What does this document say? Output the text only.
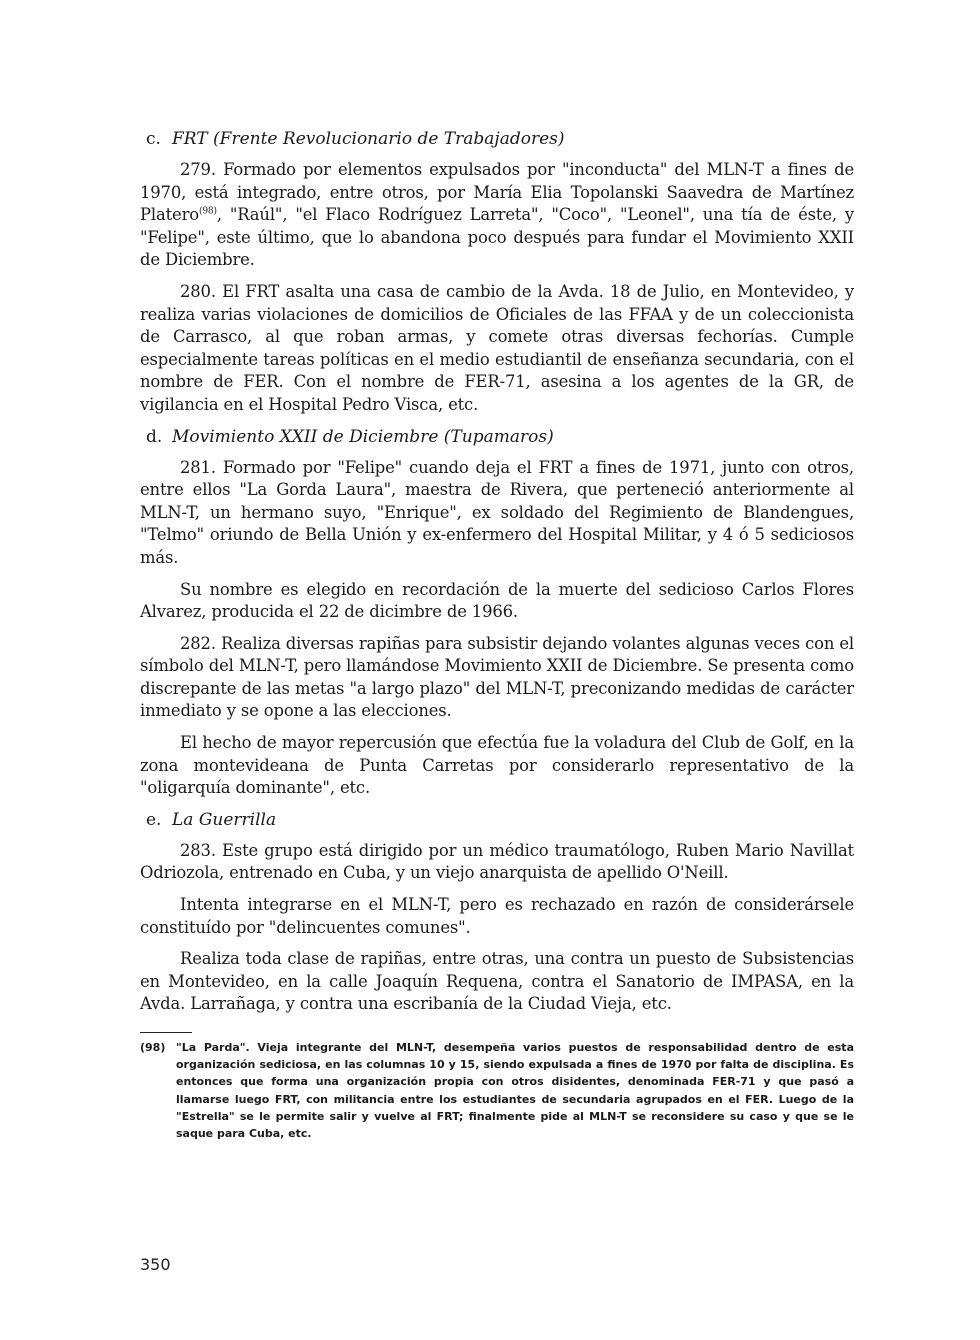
c. FRT (Frente Revolucionario de Trabajadores)

279. Formado por elementos expulsados por "inconducta" del MLN-T a fines de 1970, está integrado, entre otros, por María Elia Topolanski Saavedra de Martínez Platero$^{(98)}$, "Raúl", "el Flaco Rodríguez Larreta", "Coco", "Leonel", una tía de éste, y "Felipe", este último, que lo abandona poco después para fundar el Movimiento XXII de Diciembre.

280. El FRT asalta una casa de cambio de la Avda. 18 de Julio, en Montevideo, y realiza varias violaciones de domicilios de Oficiales de las FFAA y de un coleccionista de Carrasco, al que roban armas, y comete otras diversas fechorías. Cumple especialmente tareas políticas en el medio estudiantil de enseñanza secundaria, con el nombre de FER. Con el nombre de FER-71, asesina a los agentes de la GR, de vigilancia en el Hospital Pedro Visca, etc.

d. Movimiento XXII de Diciembre (Tupamaros)

281. Formado por "Felipe" cuando deja el FRT a fines de 1971, junto con otros, entre ellos "La Gorda Laura", maestra de Rivera, que perteneció anteriormente al MLN-T, un hermano suyo, "Enrique", ex soldado del Regimiento de Blandengues, "Telmo" oriundo de Bella Unión y ex-enfermero del Hospital Militar, y 4 ó 5 sediciosos más.

Su nombre es elegido en recordación de la muerte del sedicioso Carlos Flores Alvarez, producida el 22 de dicimbre de 1966.

282. Realiza diversas rapiñas para subsistir dejando volantes algunas veces con el símbolo del MLN-T, pero llamándose Movimiento XXII de Diciembre. Se presenta como discrepante de las metas "a largo plazo" del MLN-T, preconizando medidas de carácter inmediato y se opone a las elecciones.

El hecho de mayor repercusión que efectúa fue la voladura del Club de Golf, en la zona montevideana de Punta Carretas por considerarlo representativo de la "oligarquía dominante", etc.

e. La Guerrilla

283. Este grupo está dirigido por un médico traumatólogo, Ruben Mario Navillat Odriozola, entrenado en Cuba, y un viejo anarquista de apellido O'Neill.

Intenta integrarse en el MLN-T, pero es rechazado en razón de considerársele constituído por "delincuentes comunes".

Realiza toda clase de rapiñas, entre otras, una contra un puesto de Subsistencias en Montevideo, en la calle Joaquín Requena, contra el Sanatorio de IMPASA, en la Avda. Larrañaga, y contra una escribanía de la Ciudad Vieja, etc.

(98) "La Parda". Vieja integrante del MLN-T, desempeña varios puestos de responsabilidad dentro de esta organización sediciosa, en las columnas 10 y 15, siendo expulsada a fines de 1970 por falta de disciplina. Es entonces que forma una organización propia con otros disidentes, denominada FER-71 y que pasó a llamarse luego FRT, con militancia entre los estudiantes de secundaria agrupados en el FER. Luego de la "Estrella" se le permite salir y vuelve al FRT; finalmente pide al MLN-T se reconsidere su caso y que se le saque para Cuba, etc.

350
